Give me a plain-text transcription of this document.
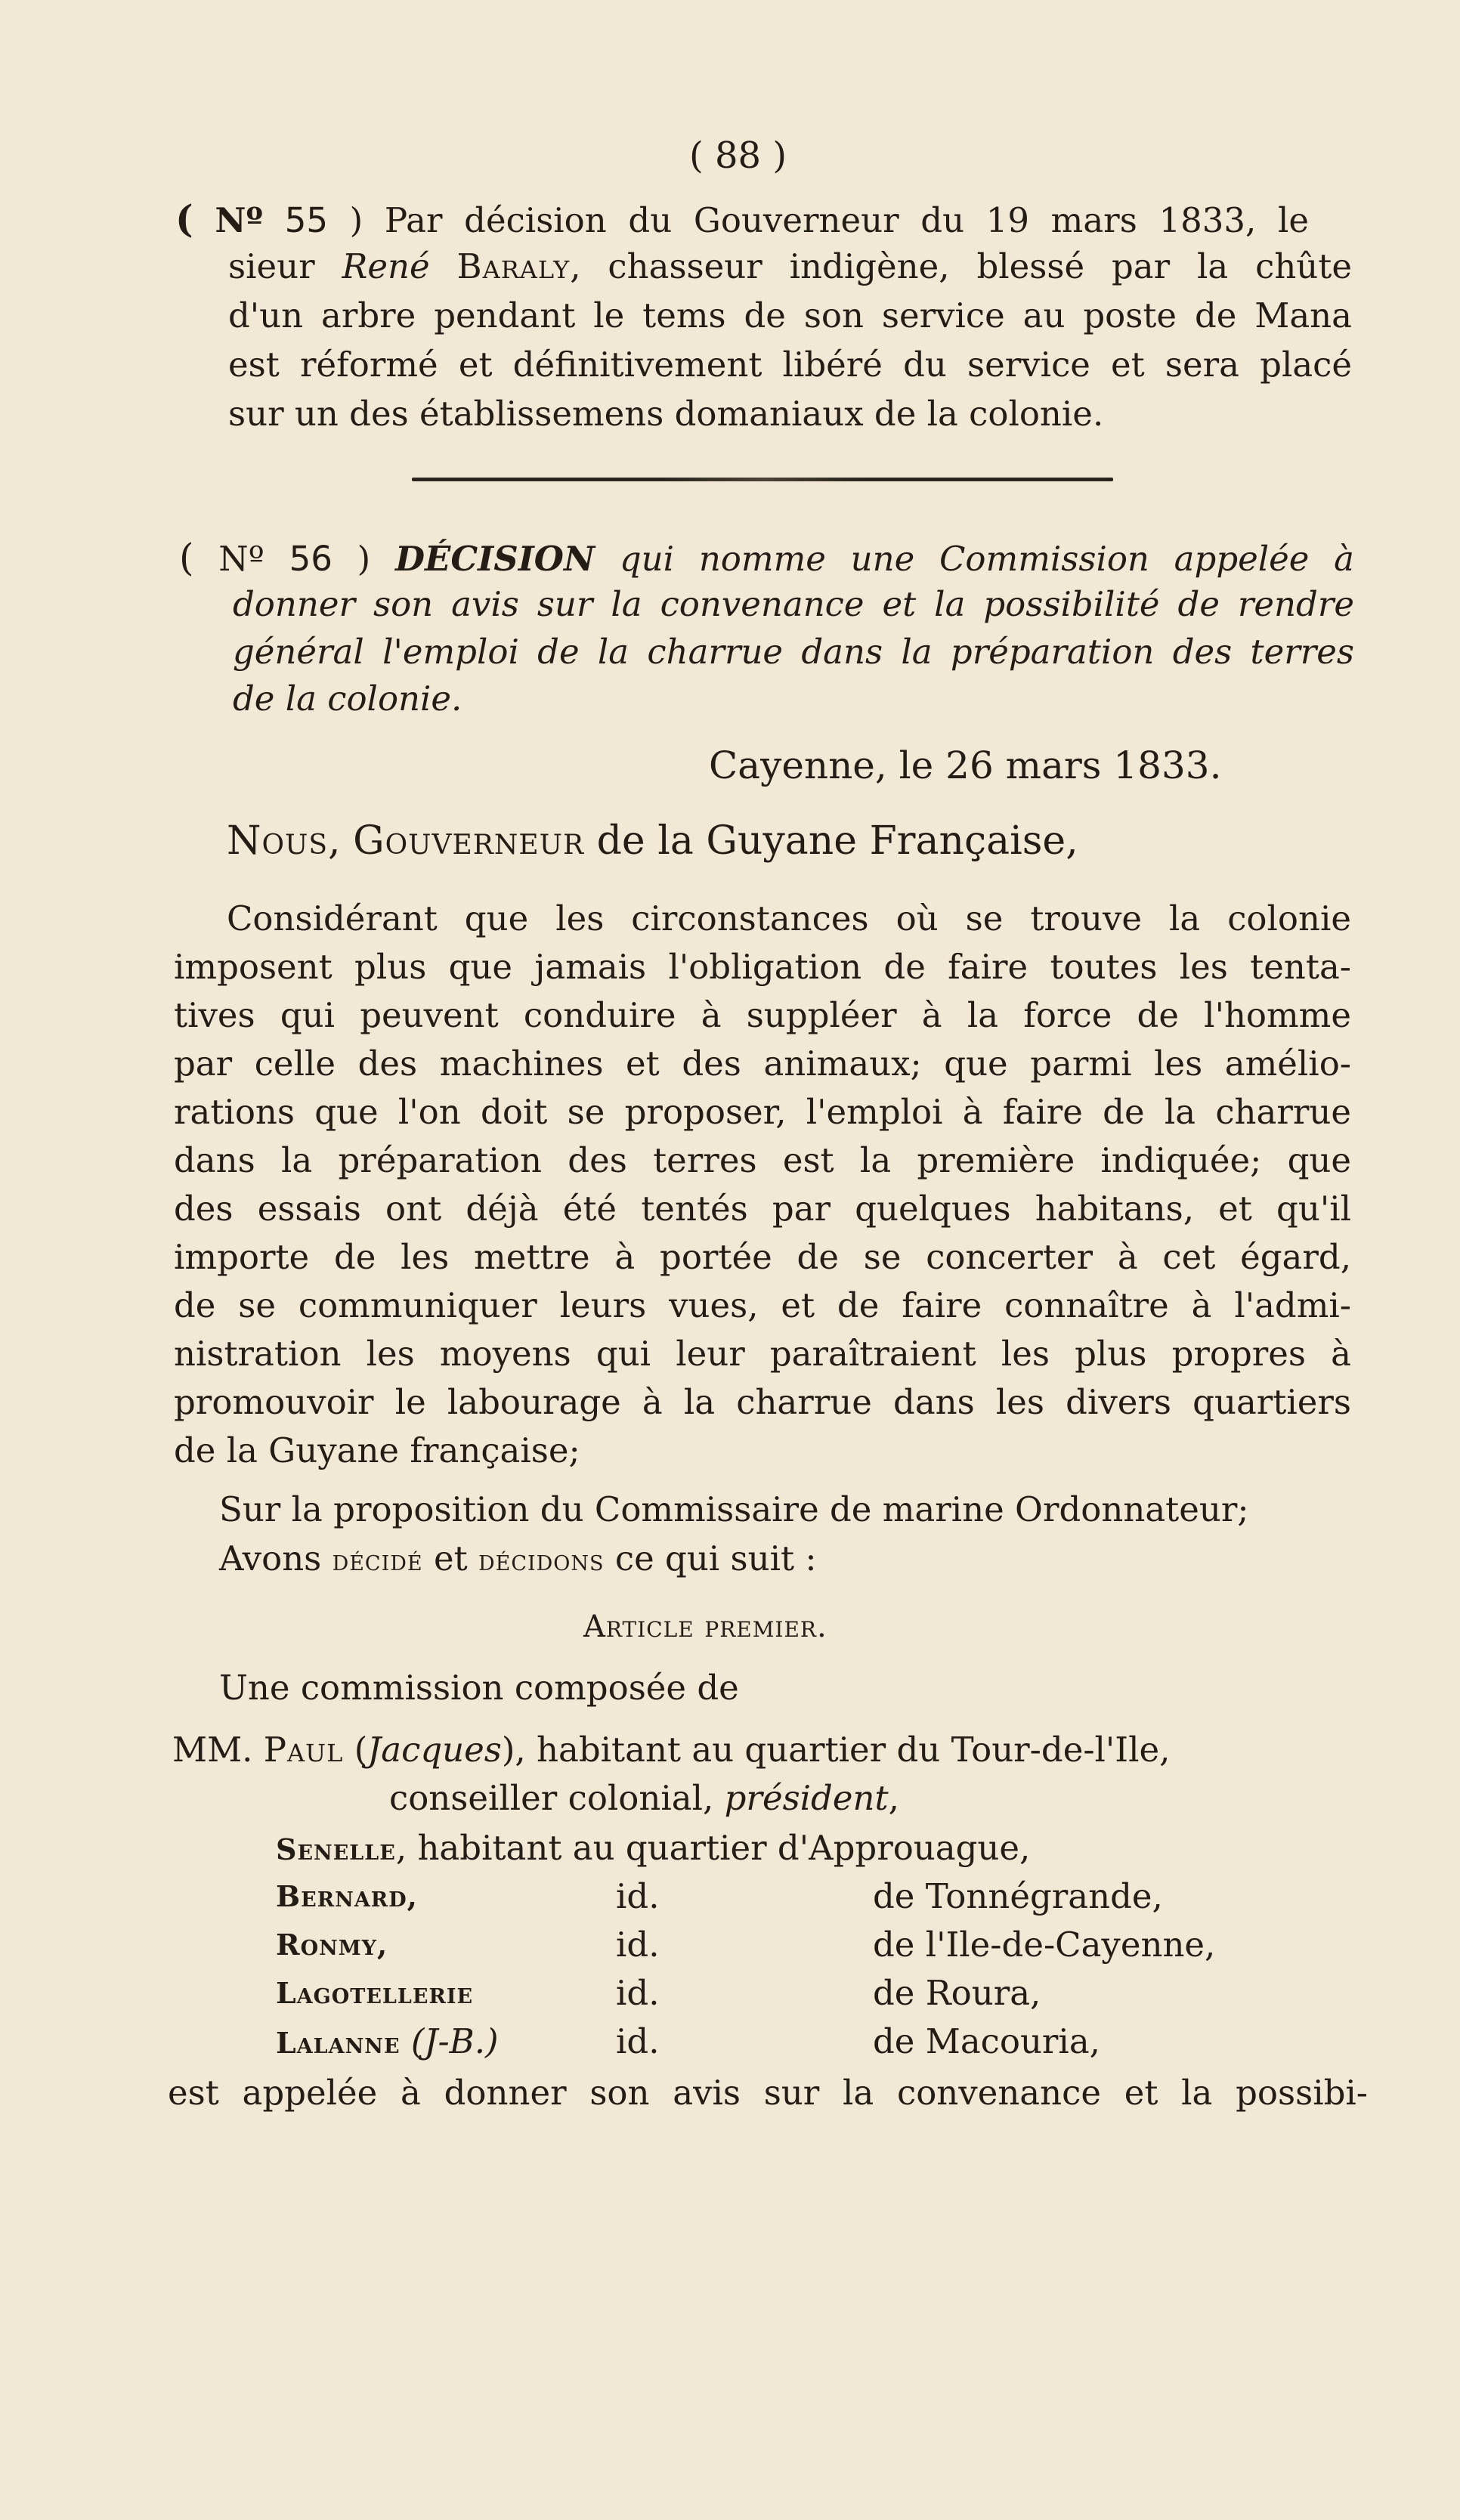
( 88 )
( Nº 55 ) Par décision du Gouverneur du 19 mars 1833, le
sieur René Baraly, chasseur indigène, blessé par la chûte
d'un arbre pendant le tems de son service au poste de Mana
est réformé et définitivement libéré du service et sera placé
sur un des établissemens domaniaux de la colonie.
( Nº 56 ) DÉCISION qui nomme une Commission appelée à
donner son avis sur la convenance et la possibilité de rendre
général l'emploi de la charrue dans la préparation des terres
de la colonie.
Cayenne, le 26 mars 1833.
Nous, Gouverneur de la Guyane Française,
Considérant que les circonstances où se trouve la colonie
imposent plus que jamais l'obligation de faire toutes les tenta-
tives qui peuvent conduire à suppléer à la force de l'homme
par celle des machines et des animaux; que parmi les amélio-
rations que l'on doit se proposer, l'emploi à faire de la charrue
dans la préparation des terres est la première indiquée; que
des essais ont déjà été tentés par quelques habitans, et qu'il
importe de les mettre à portée de se concerter à cet égard,
de se communiquer leurs vues, et de faire connaître à l'admi-
nistration les moyens qui leur paraîtraient les plus propres à
promouvoir le labourage à la charrue dans les divers quartiers
de la Guyane française;
Sur la proposition du Commissaire de marine Ordonnateur;
Avons décidé et décidons ce qui suit :
Article premier.
Une commission composée de
MM. Paul (Jacques), habitant au quartier du Tour-de-l'Ile,
conseiller colonial, président,
Senelle, habitant au quartier d'Approuague,
Bernard,	id.	de Tonnégrande,
Ronmy,	id.	de l'Ile-de-Cayenne,
Lagotellerie	id.	de Roura,
Lalanne (J-B.)	id.	de Macouria,
est appelée à donner son avis sur la convenance et la possibi-
